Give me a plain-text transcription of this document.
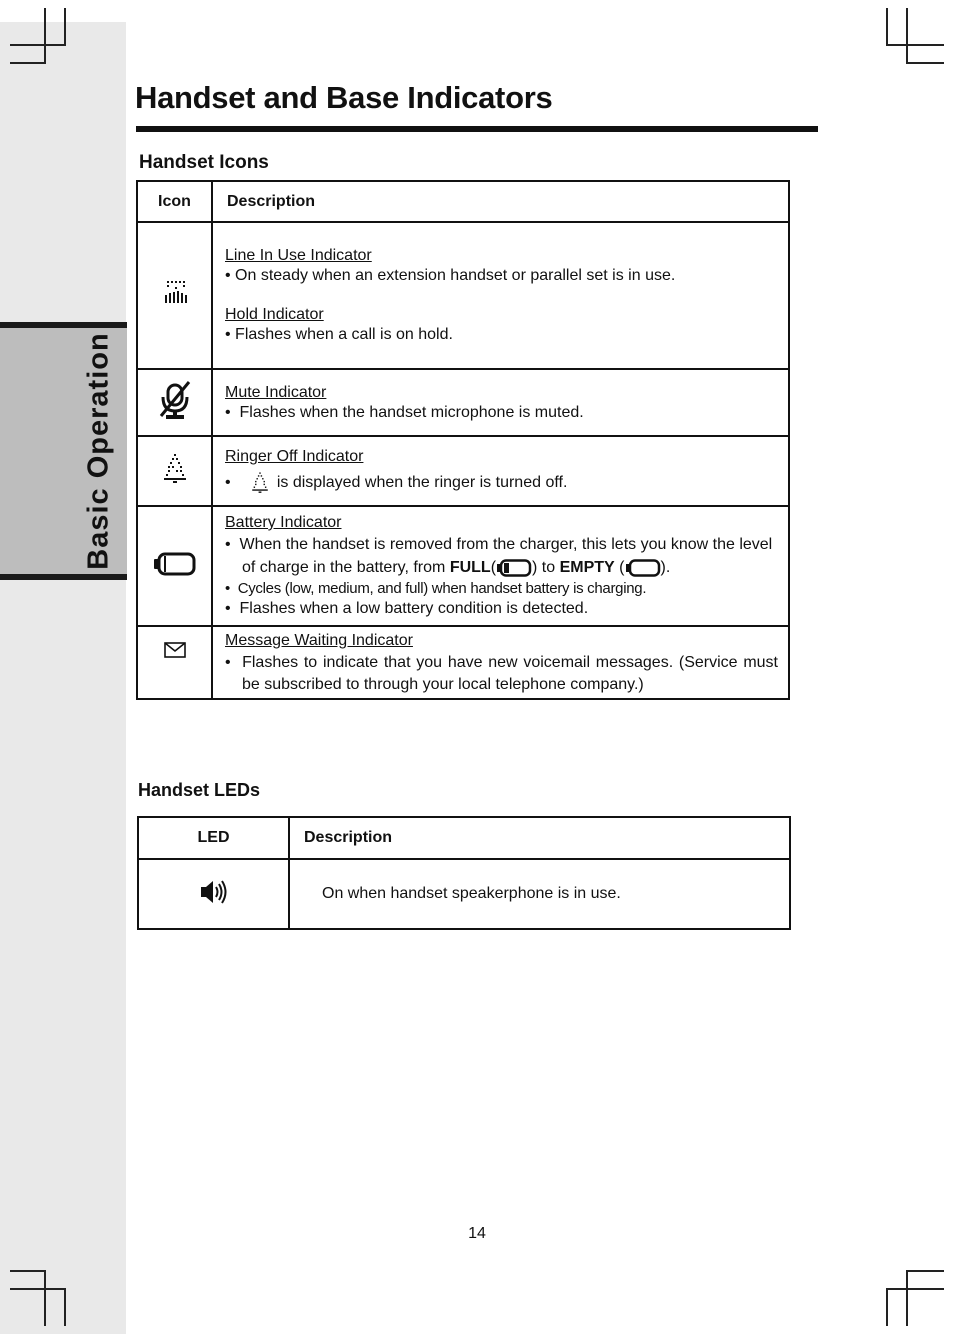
Basic Operation
Handset and Base Indicators
Handset Icons
Icon	Description

Line In Use Indicator
• On steady when an extension handset or parallel set is in use.
Hold Indicator
• Flashes when a call is on hold.

Mute Indicator
•  Flashes when the handset microphone is muted.

Ringer Off Indicator
•     is displayed when the ringer is turned off.

Battery Indicator
•  When the handset is removed from the charger, this lets you know the level of charge in the battery, from FULL( ) to EMPTY ( ).
•  Cycles (low, medium, and full) when handset battery is charging.
•  Flashes when a low battery condition is detected.

Message Waiting Indicator
•  Flashes to indicate that you have new voicemail messages. (Service must be subscribed to through your local telephone company.)
Handset LEDs
LED	Description
	On when handset speakerphone is in use.
14
